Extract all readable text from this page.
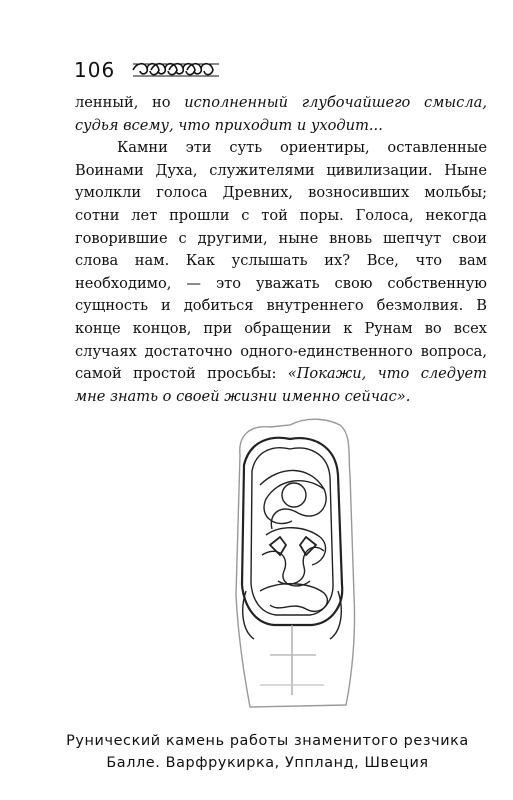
106

ленный, но исполненный глубочайшего смысла, судья всему, что приходит и уходит...

Камни эти суть ориентиры, оставленные Воинами Духа, служителями цивилизации. Ныне умолкли голоса Древних, возносивших мольбы; сотни лет прошли с той поры. Голоса, некогда говорившие с другими, ныне вновь шепчут свои слова нам. Как услышать их? Все, что вам необходимо, — это уважать свою собственную сущность и добиться внутреннего безмолвия. В конце концов, при обращении к Рунам во всех случаях достаточно одного-единственного вопроса, самой простой просьбы: «Покажи, что следует мне знать о своей жизни именно сейчас».

Рунический камень работы знаменитого резчика
Балле. Варфрукирка, Уппланд, Швеция
